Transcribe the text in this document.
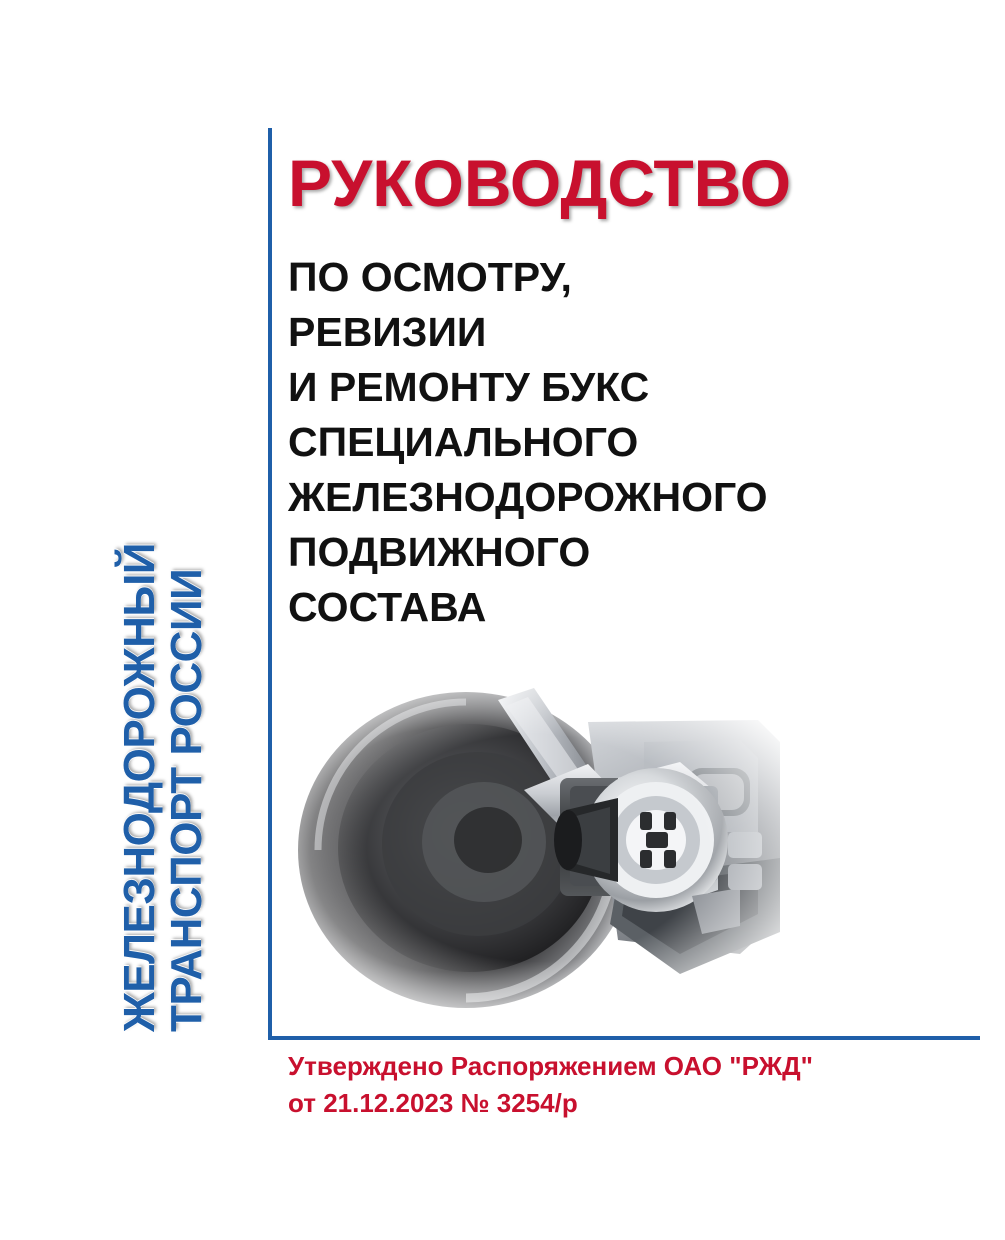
ЖЕЛЕЗНОДОРОЖНЫЙ
ТРАНСПОРТ РОССИИ
РУКОВОДСТВО
ПО ОСМОТРУ,
РЕВИЗИИ
И РЕМОНТУ БУКС
СПЕЦИАЛЬНОГО
ЖЕЛЕЗНОДОРОЖНОГО
ПОДВИЖНОГО
СОСТАВА
Утверждено Распоряжением ОАО "РЖД"
от 21.12.2023 № 3254/р
